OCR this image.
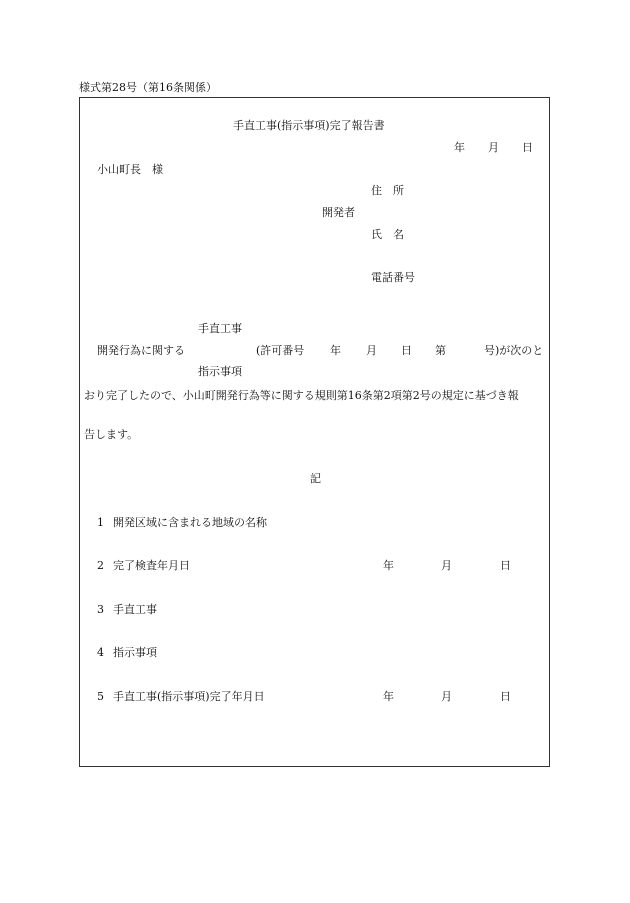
様式第28号（第16条関係）
手直工事(指示事項)完了報告書
年 月 日
小山町長　様
住　所
開発者
氏　名
電話番号
手直工事
開発行為に関する	(許可番号 年 月 日 第	号)が次のと
指示事項
おり完了したので、小山町開発行為等に関する規則第16条第2項第2号の規定に基づき報
告します。
記
1 開発区域に含まれる地域の名称
2 完了検査年月日	年	月	日
3 手直工事
4 指示事項
5 手直工事(指示事項)完了年月日	年	月	日
